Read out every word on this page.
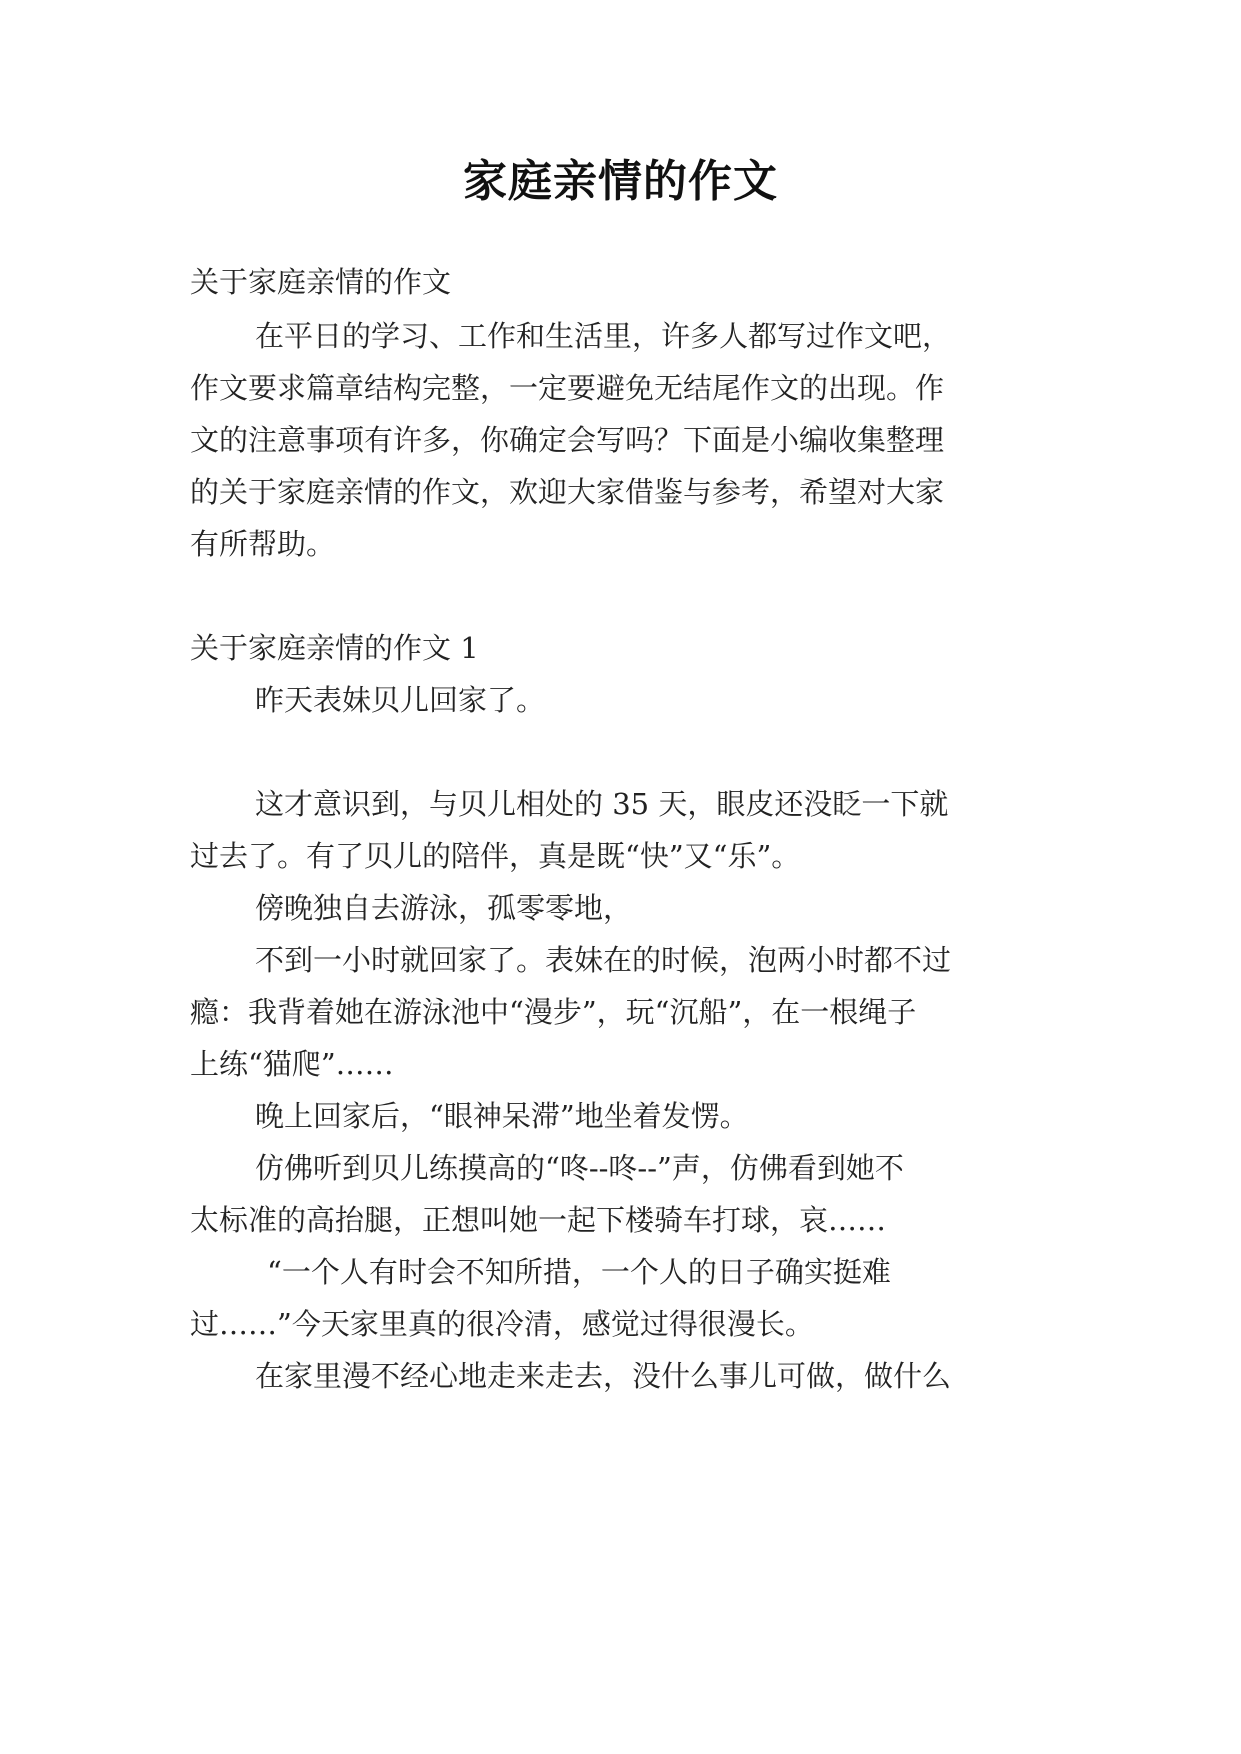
家庭亲情的作文
关于家庭亲情的作文
在平日的学习、工作和生活里，许多人都写过作文吧，
作文要求篇章结构完整，一定要避免无结尾作文的出现。作
文的注意事项有许多，你确定会写吗？下面是小编收集整理
的关于家庭亲情的作文，欢迎大家借鉴与参考，希望对大家
有所帮助。
关于家庭亲情的作文 1
昨天表妹贝儿回家了。
这才意识到，与贝儿相处的 35 天，眼皮还没眨一下就
过去了。有了贝儿的陪伴，真是既“快”又“乐”。
傍晚独自去游泳，孤零零地，
不到一小时就回家了。表妹在的时候，泡两小时都不过
瘾：我背着她在游泳池中“漫步”，玩“沉船”，在一根绳子
上练“猫爬”……
晚上回家后，“眼神呆滞”地坐着发愣。
仿佛听到贝儿练摸高的“咚--咚--”声，仿佛看到她不
太标准的高抬腿，正想叫她一起下楼骑车打球，哀……
“一个人有时会不知所措，一个人的日子确实挺难
过……”今天家里真的很冷清，感觉过得很漫长。
在家里漫不经心地走来走去，没什么事儿可做，做什么
